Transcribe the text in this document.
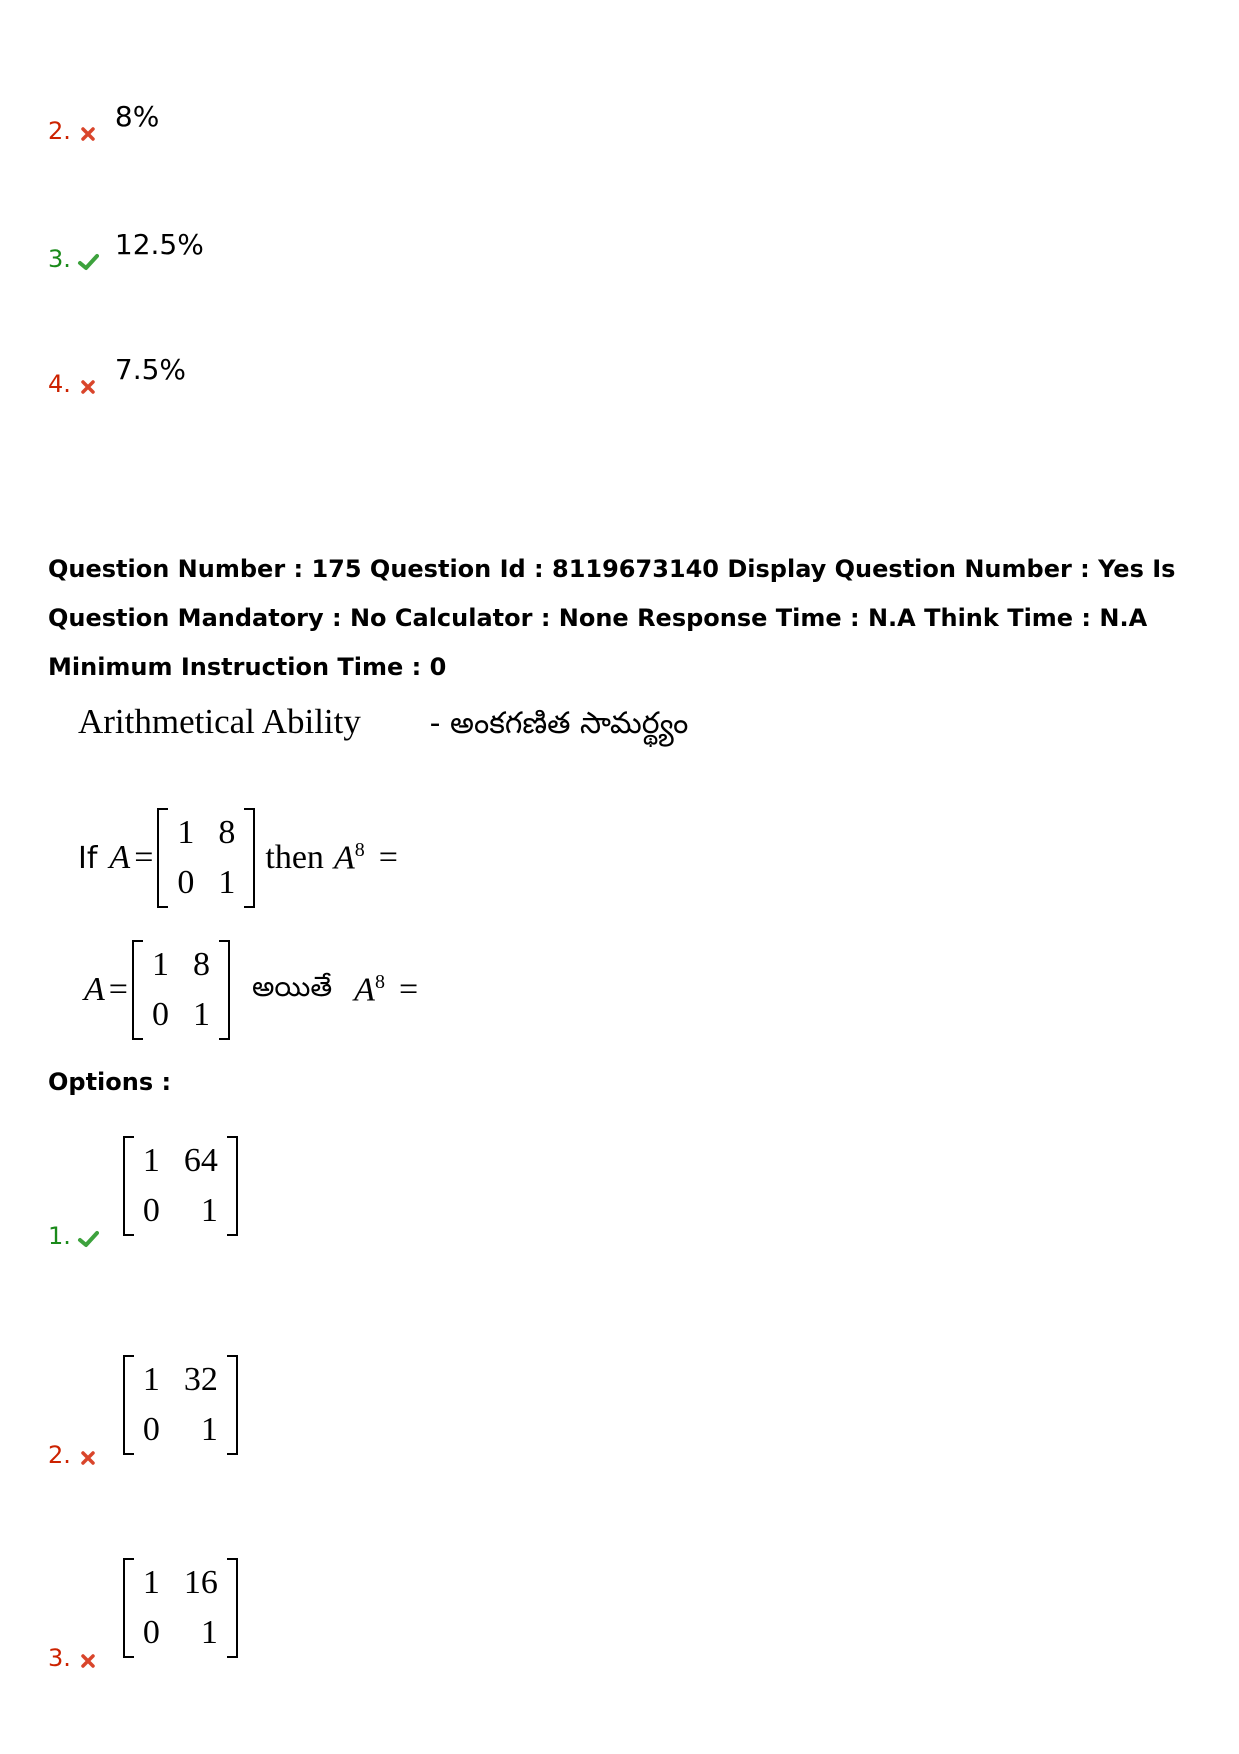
2. 8%
3. 12.5%
4. 7.5%
Question Number : 175 Question Id : 8119673140 Display Question Number : Yes Is Question Mandatory : No Calculator : None Response Time : N.A Think Time : N.A Minimum Instruction Time : 0
Arithmetical Ability - అంకగణిత సామర్థ్యం
If A =
1	8
0	1
then $A^8$ =
A =
1	8
0	1
అయితే $A^8$ =
Options :
1.
1	64
0	1
2.
1	32
0	1
3.
1	16
0	1
